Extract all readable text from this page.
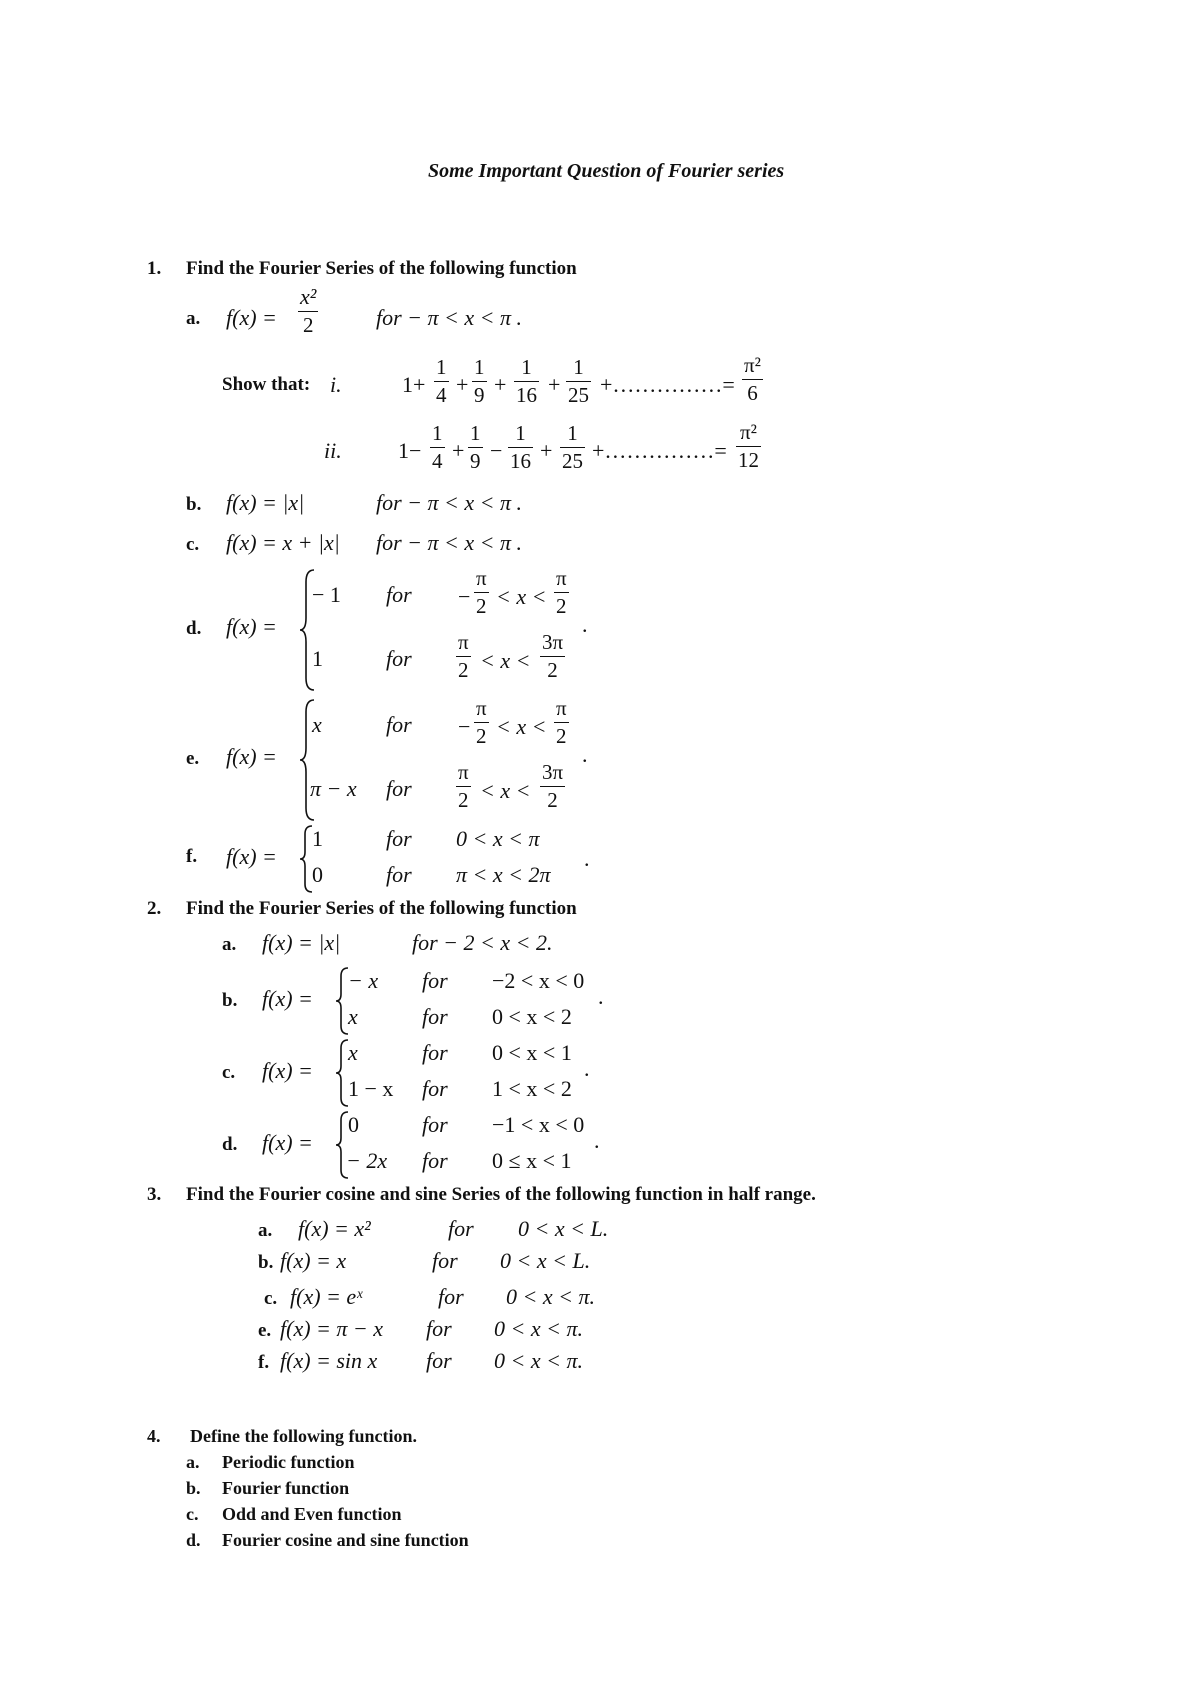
Some Important Question of Fourier series
1. Find the Fourier Series of the following function
a. $f(x) = \frac{\text{x²}}{2}$	for − π < x < π .
Show that: i.	$1+ \frac{1}{4} + \frac{1}{9} + \frac{1}{16} + \frac{1}{25}$ +……………= $\frac{\text{π²}}{6}$
ii.	$1- \frac{1}{4} + \frac{1}{9} - \frac{1}{16} + \frac{1}{25}$ +……………= $\frac{\text{π²}}{12}$
b. f(x) = |x|	for − π < x < π .
c. f(x) = x + |x| for − π < x < π .
d. f(x) =
− 1 for − $\frac{\pi}{2} < x < \frac{\pi}{2}$
1	for $\frac{\pi}{2} < x < \frac{3\pi}{2}$
.
e. f(x) =
x	for − $\frac{\pi}{2} < x < \frac{\pi}{2}$
π − x for $\frac{\pi}{2} < x < \frac{3\pi}{2}$
.
f. f(x) =
1	for 0 < x < π
0	for π < x < 2π
.
2. Find the Fourier Series of the following function
a. f(x) = |x|	for − 2 < x < 2.
b. f(x) =
− x for −2 < x < 0
x	for 0 < x < 2
.
c. f(x) =
x	for 0 < x < 1
1 − x for 1 < x < 2
.
d. f(x) =
0	for −1 < x < 0
− 2x for 0 ≤ x < 1
.
3. Find the Fourier cosine and sine Series of the following function in half range.
a. f(x) = x²	for 0 < x < L.
b. f(x) = x	for 0 < x < L.
c. f(x) = eˣ	for 0 < x < π.
e. f(x) = π − x for 0 < x < π.
f. f(x) = sin x for 0 < x < π.
4. Define the following function.
a. Periodic function
b. Fourier function
c. Odd and Even function
d. Fourier cosine and sine function
